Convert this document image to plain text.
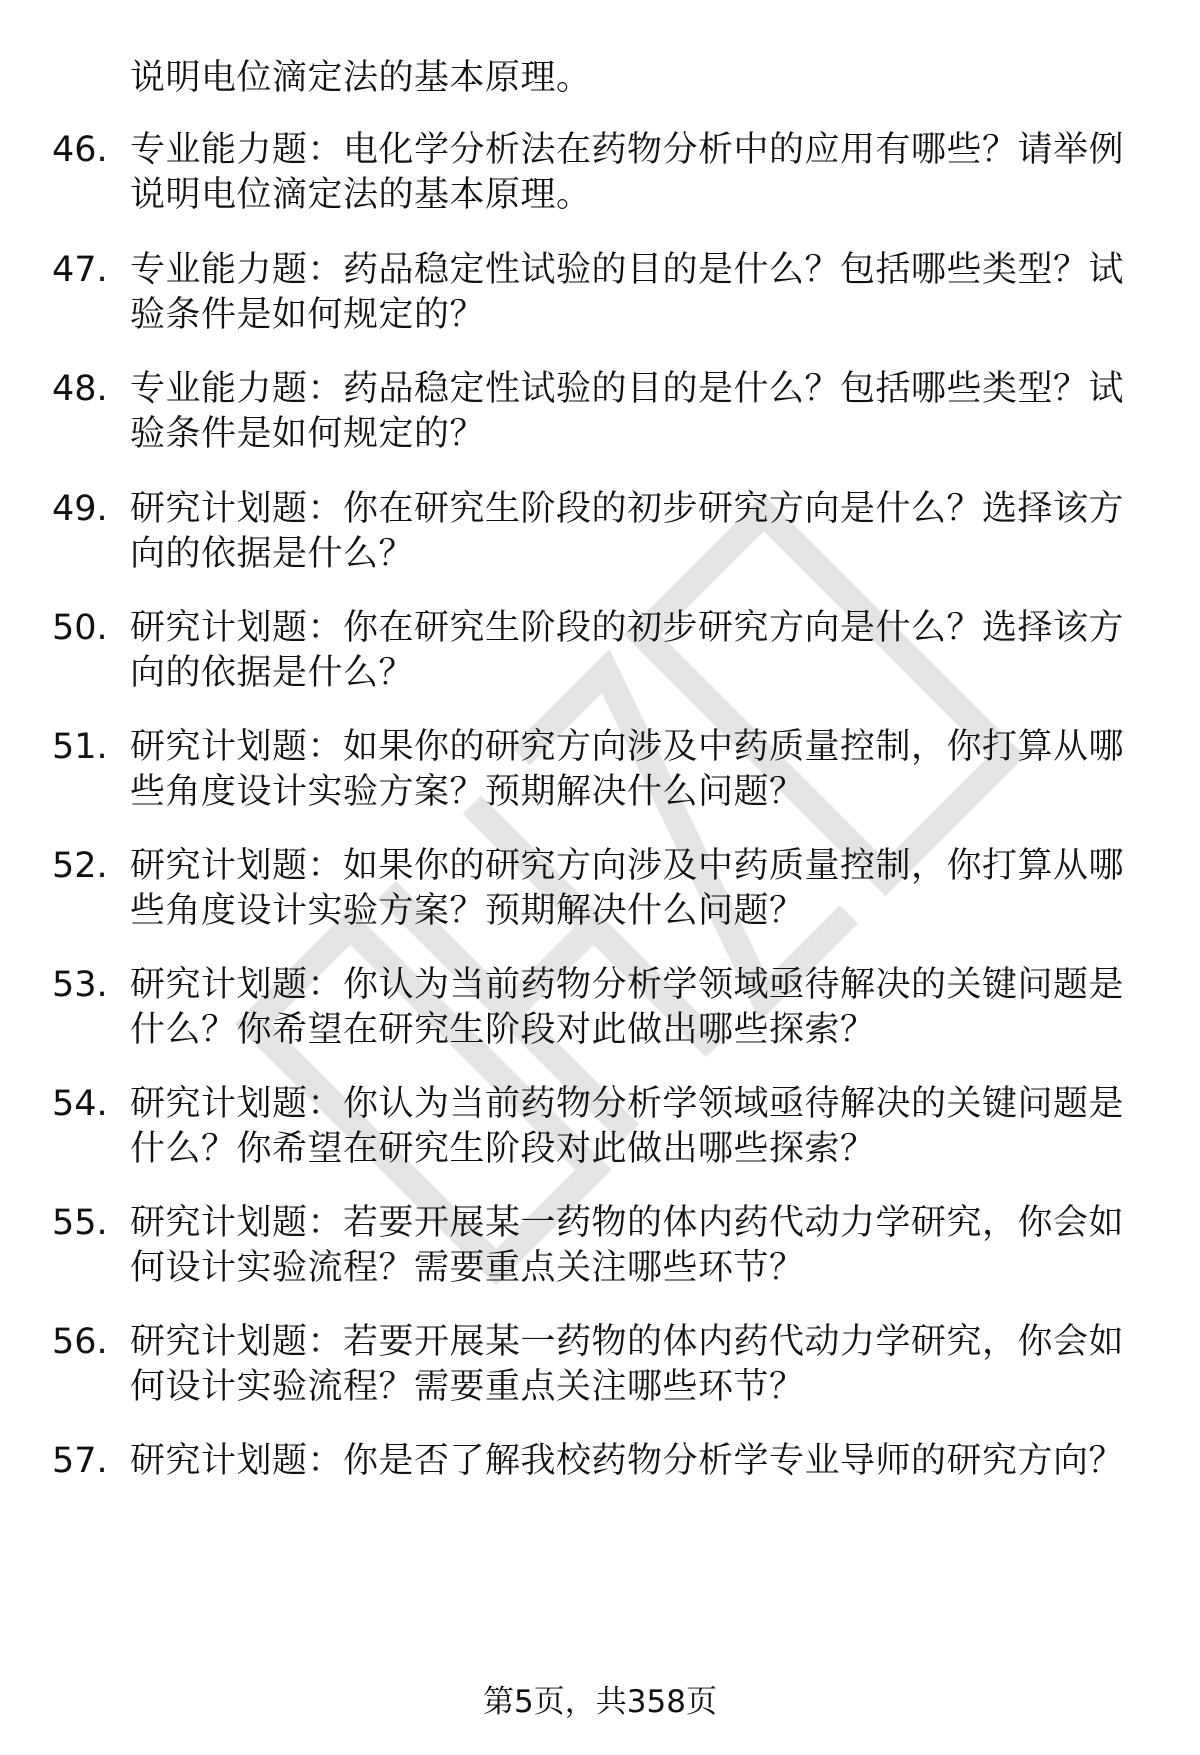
说明电位滴定法的基本原理。
46. 专业能力题：电化学分析法在药物分析中的应用有哪些？请举例
说明电位滴定法的基本原理。
47. 专业能力题：药品稳定性试验的目的是什么？包括哪些类型？试
验条件是如何规定的？
48. 专业能力题：药品稳定性试验的目的是什么？包括哪些类型？试
验条件是如何规定的？
49. 研究计划题：你在研究生阶段的初步研究方向是什么？选择该方
向的依据是什么？
50. 研究计划题：你在研究生阶段的初步研究方向是什么？选择该方
向的依据是什么？
51. 研究计划题：如果你的研究方向涉及中药质量控制，你打算从哪
些角度设计实验方案？预期解决什么问题？
52. 研究计划题：如果你的研究方向涉及中药质量控制，你打算从哪
些角度设计实验方案？预期解决什么问题？
53. 研究计划题：你认为当前药物分析学领域亟待解决的关键问题是
什么？你希望在研究生阶段对此做出哪些探索？
54. 研究计划题：你认为当前药物分析学领域亟待解决的关键问题是
什么？你希望在研究生阶段对此做出哪些探索？
55. 研究计划题：若要开展某一药物的体内药代动力学研究，你会如
何设计实验流程？需要重点关注哪些环节？
56. 研究计划题：若要开展某一药物的体内药代动力学研究，你会如
何设计实验流程？需要重点关注哪些环节？
57. 研究计划题：你是否了解我校药物分析学专业导师的研究方向？
第5页，共358页
